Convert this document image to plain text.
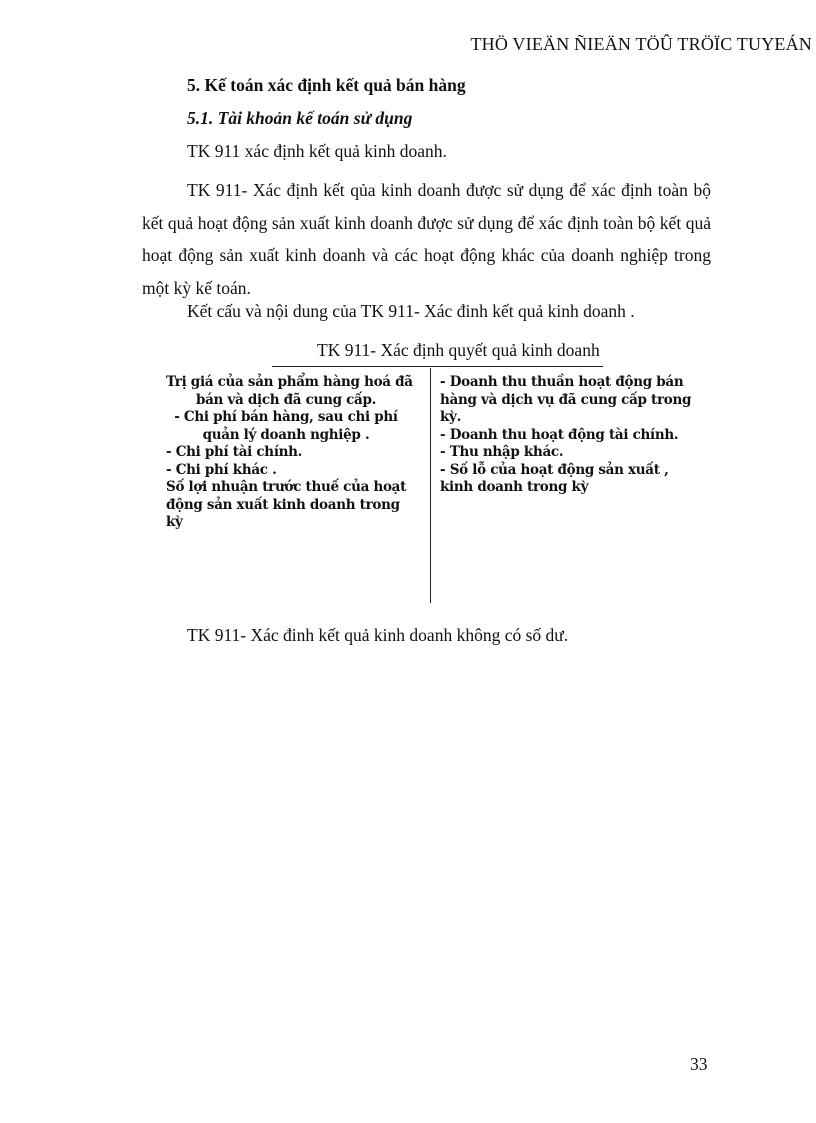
THÖ VIEÄN ÑIEÄN TÖÛ TRÖÏC TUYEÁN
5. Kế toán xác định kết quả bán hàng
5.1. Tài khoản kế toán sử dụng
TK 911 xác định kết quả kinh doanh.
TK 911- Xác định kết qủa kinh doanh được sử dụng để xác định toàn bộ
kết quả hoạt động sản xuất kinh doanh được sử dụng để xác định toàn bộ kết quả
hoạt động sản xuất kinh doanh và các hoạt động khác của doanh nghiệp trong
một kỳ kế toán.
Kết cấu và nội dung của TK 911- Xác đinh kết quả kinh doanh .
TK 911- Xác định quyết quả kinh doanh
Trị giá của sản phẩm hàng hoá đã
bán và dịch đã cung cấp.
- Chi phí bán hàng, sau chi phí
quản lý doanh nghiệp .
- Chi phí tài chính.
- Chi phí khác .
Số lợi nhuận trước thuế của hoạt
động sản xuất kinh doanh trong
kỳ
- Doanh thu thuần hoạt động bán
hàng và dịch vụ đã cung cấp trong
kỳ.
- Doanh thu hoạt động tài chính.
- Thu nhập khác.
- Số lỗ của hoạt động sản xuất ,
kinh doanh trong kỳ
TK 911- Xác đinh kết quả kinh doanh không có số dư.
33
